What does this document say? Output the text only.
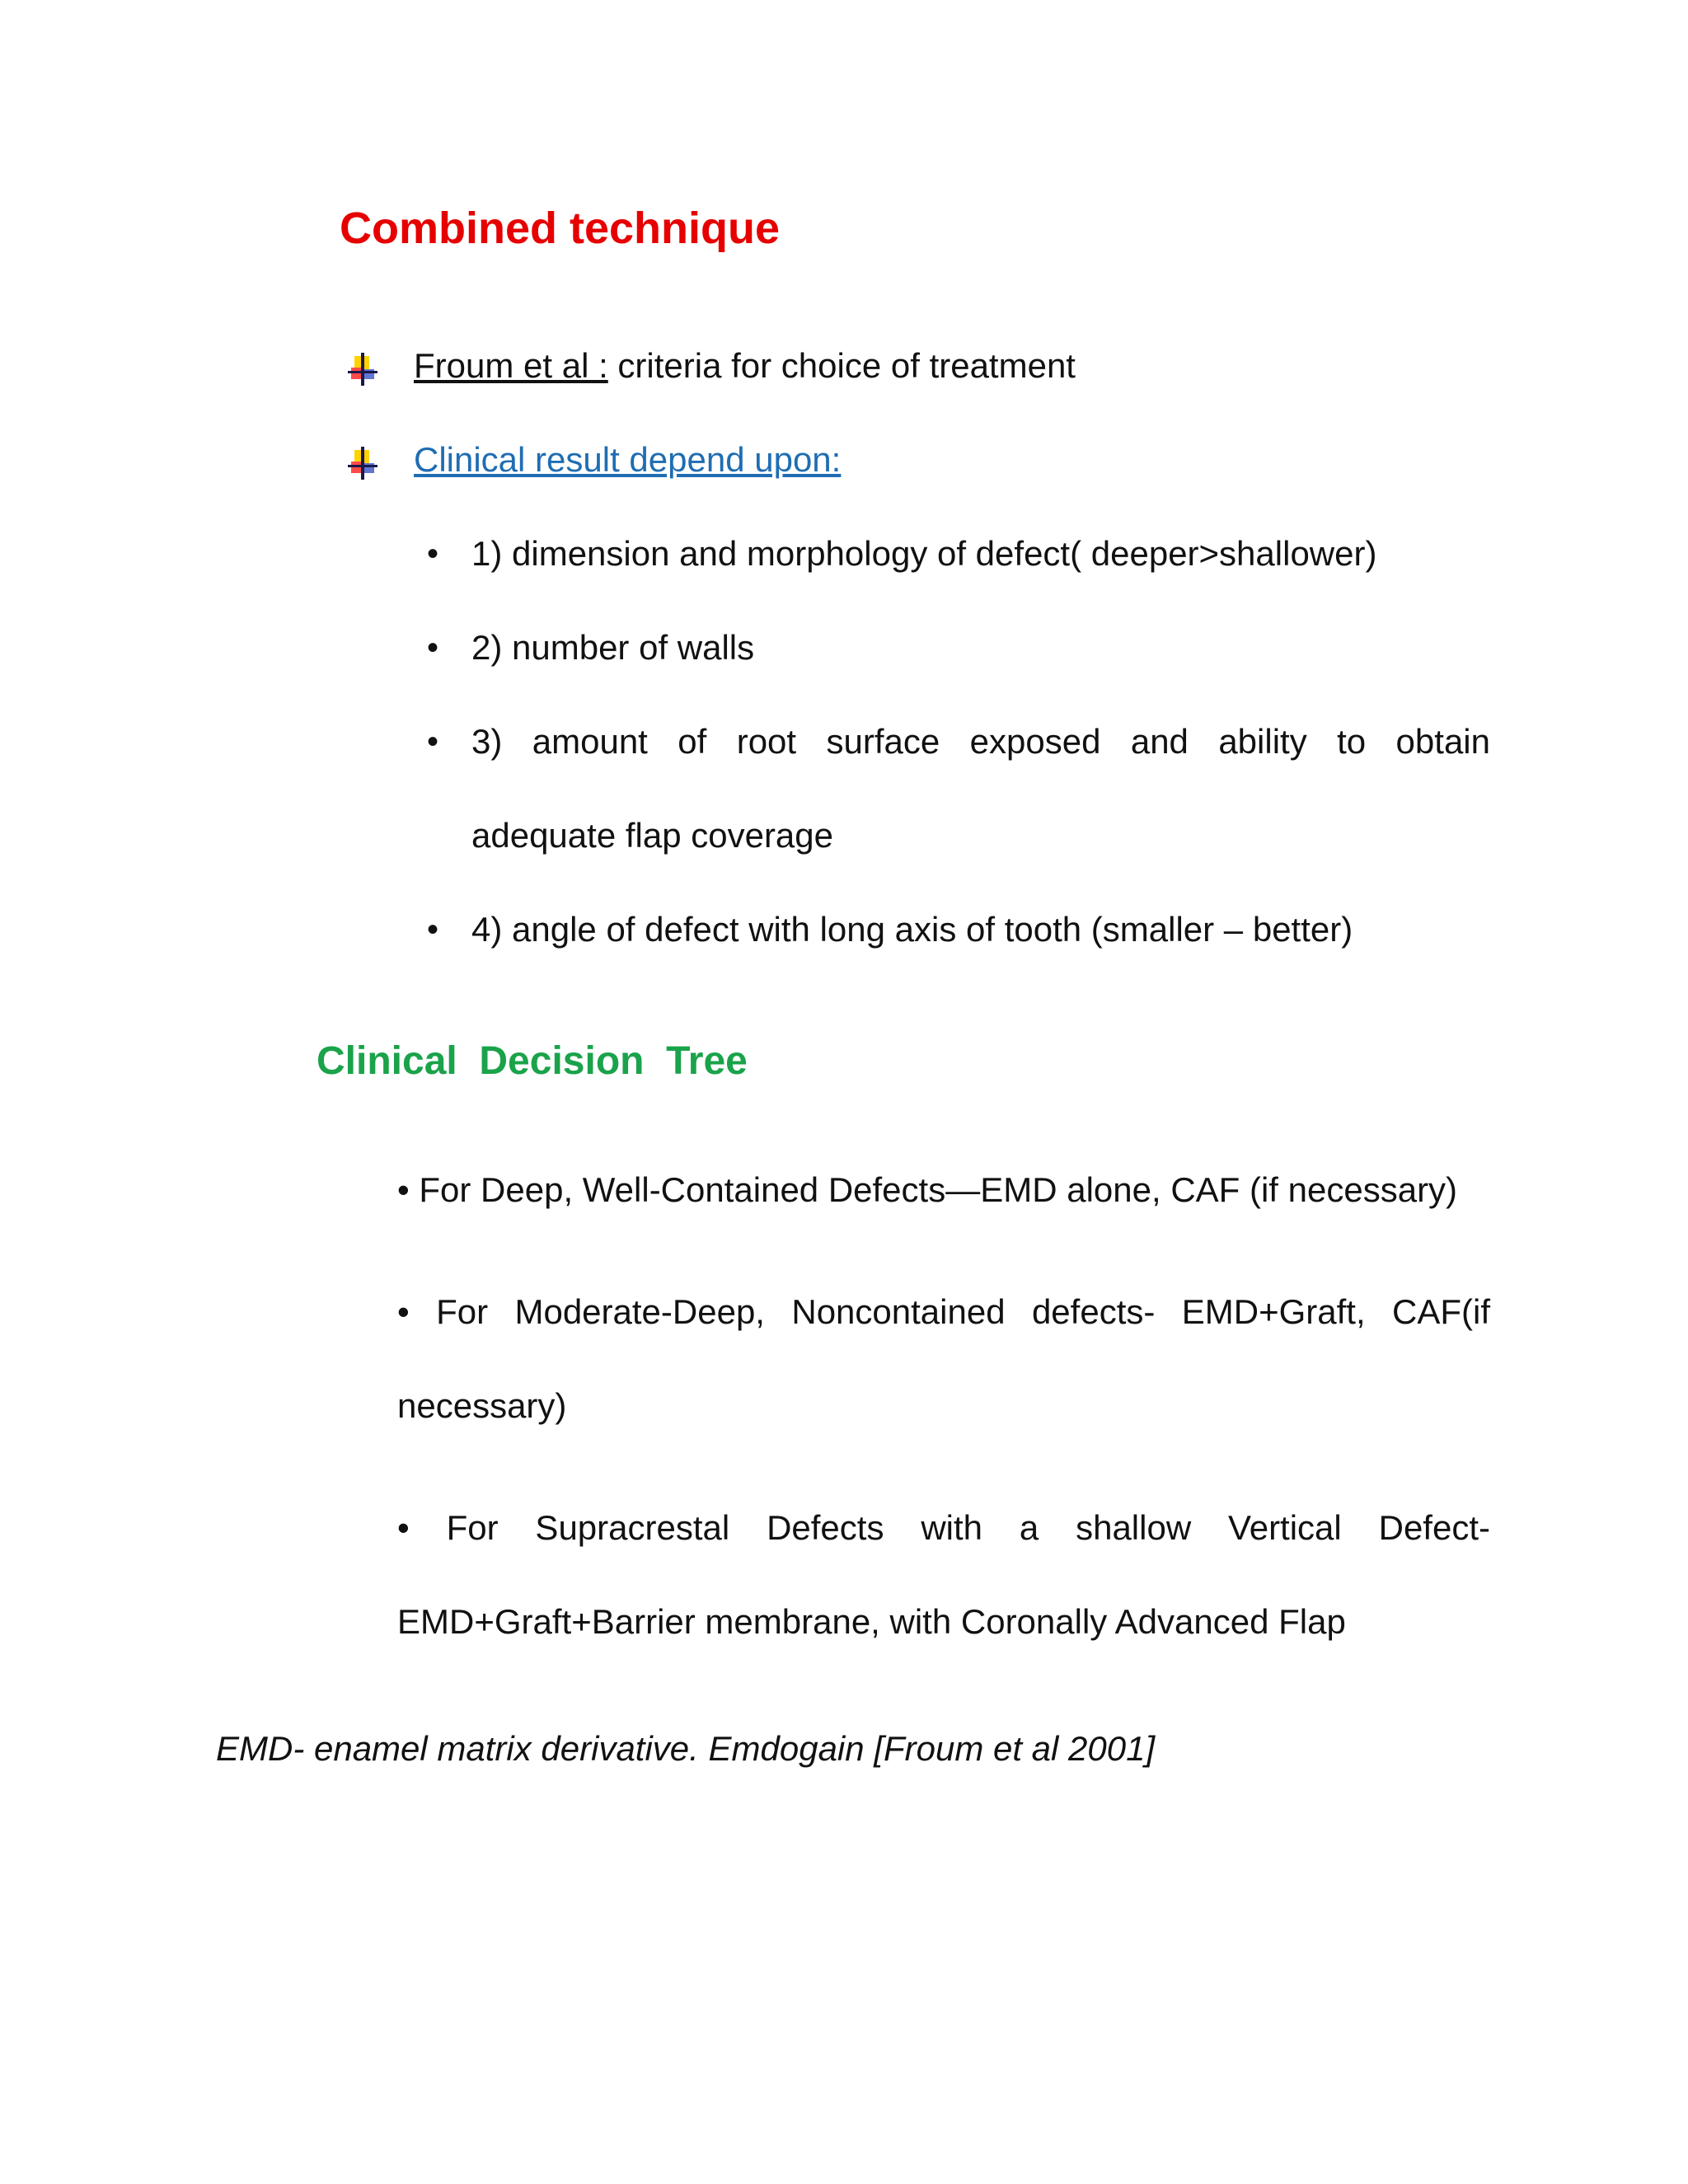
Combined technique
Froum et al : criteria for choice of treatment
Clinical result depend upon:
• 1) dimension and morphology of defect( deeper>shallower)
• 2) number of walls
• 3) amount of root surface exposed and ability to obtain
adequate flap coverage
• 4) angle of defect with long axis of tooth (smaller – better)
Clinical  Decision  Tree
• For Deep, Well-Contained Defects—EMD alone, CAF (if necessary)
• For Moderate-Deep, Noncontained defects- EMD+Graft, CAF(if
necessary)
• For Supracrestal Defects with a shallow Vertical Defect-
EMD+Graft+Barrier membrane, with Coronally Advanced Flap
EMD- enamel matrix derivative. Emdogain [Froum et al 2001]
